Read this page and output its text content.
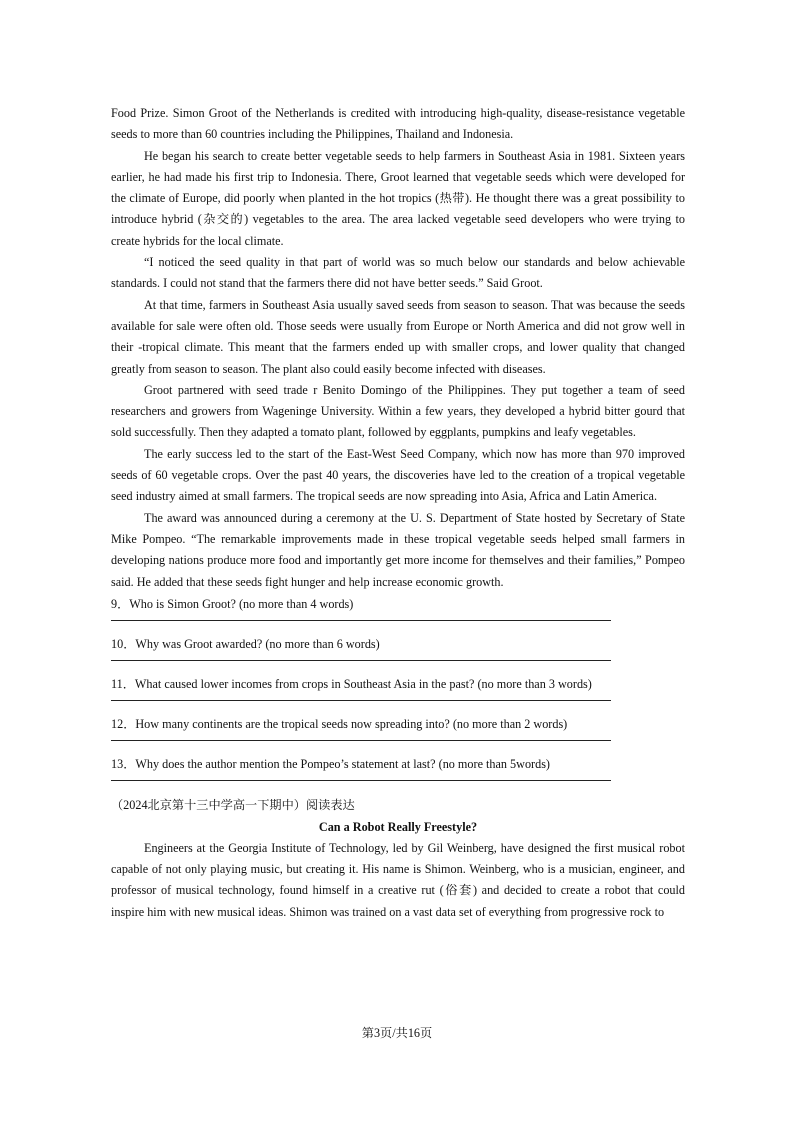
Food Prize. Simon Groot of the Netherlands is credited with introducing high-quality, disease-resistance vegetable seeds to more than 60 countries including the Philippines, Thailand and Indonesia.

He began his search to create better vegetable seeds to help farmers in Southeast Asia in 1981. Sixteen years earlier, he had made his first trip to Indonesia. There, Groot learned that vegetable seeds which were developed for the climate of Europe, did poorly when planted in the hot tropics (热带). He thought there was a great possibility to introduce hybrid (杂交的) vegetables to the area. The area lacked vegetable seed developers who were trying to create hybrids for the local climate.

“I noticed the seed quality in that part of world was so much below our standards and below achievable standards. I could not stand that the farmers there did not have better seeds.” Said Groot.

At that time, farmers in Southeast Asia usually saved seeds from season to season. That was because the seeds available for sale were often old. Those seeds were usually from Europe or North America and did not grow well in their -tropical climate. This meant that the farmers ended up with smaller crops, and lower quality that changed greatly from season to season. The plant also could easily become infected with diseases.

Groot partnered with seed trade r Benito Domingo of the Philippines. They put together a team of seed researchers and growers from Wageninge University. Within a few years, they developed a hybrid bitter gourd that sold successfully. Then they adapted a tomato plant, followed by eggplants, pumpkins and leafy vegetables.

The early success led to the start of the East-West Seed Company, which now has more than 970 improved seeds of 60 vegetable crops. Over the past 40 years, the discoveries have led to the creation of a tropical vegetable seed industry aimed at small farmers. The tropical seeds are now spreading into Asia, Africa and Latin America.

The award was announced during a ceremony at the U. S. Department of State hosted by Secretary of State Mike Pompeo. “The remarkable improvements made in these tropical vegetable seeds helped small farmers in developing nations produce more food and importantly get more income for themselves and their families,” Pompeo said. He added that these seeds fight hunger and help increase economic growth.

9．Who is Simon Groot? (no more than 4 words)

10．Why was Groot awarded? (no more than 6 words)

11．What caused lower incomes from crops in Southeast Asia in the past? (no more than 3 words)

12．How many continents are the tropical seeds now spreading into? (no more than 2 words)

13．Why does the author mention the Pompeo’s statement at last? (no more than 5words)

（2024北京第十三中学高一下期中）阅读表达

Can a Robot Really Freestyle?

Engineers at the Georgia Institute of Technology, led by Gil Weinberg, have designed the first musical robot capable of not only playing music, but creating it. His name is Shimon. Weinberg, who is a musician, engineer, and professor of musical technology, found himself in a creative rut (俗套) and decided to create a robot that could inspire him with new musical ideas. Shimon was trained on a vast data set of everything from progressive rock to

第3页/共16页
